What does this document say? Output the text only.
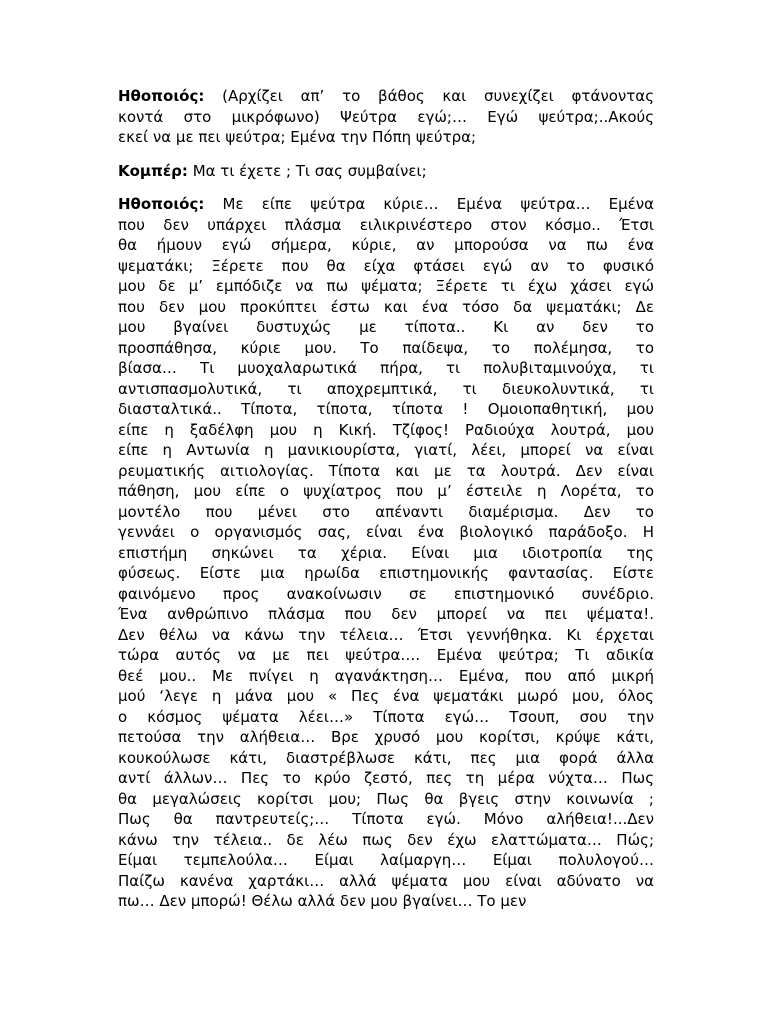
Ηθοποιός: (Αρχίζει απ’ το βάθος και συνεχίζει φτάνοντας
κοντά στο μικρόφωνο) Ψεύτρα εγώ;… Εγώ ψεύτρα;..Ακούς
εκεί να με πει ψεύτρα; Εμένα την Πόπη ψεύτρα;
Κομπέρ: Μα τι έχετε ; Τι σας συμβαίνει;
Ηθοποιός: Με είπε ψεύτρα κύριε… Εμένα ψεύτρα… Εμένα
που δεν υπάρχει πλάσμα ειλικρινέστερο στον κόσμο.. Έτσι
θα ήμουν εγώ σήμερα, κύριε, αν μπορούσα να πω ένα
ψεματάκι; Ξέρετε που θα είχα φτάσει εγώ αν το φυσικό
μου δε μ’ εμπόδιζε να πω ψέματα; Ξέρετε τι έχω χάσει εγώ
που δεν μου προκύπτει έστω και ένα τόσο δα ψεματάκι; Δε
μου βγαίνει δυστυχώς με τίποτα.. Κι αν δεν το
προσπάθησα, κύριε μου. Το παίδεψα, το πολέμησα, το
βίασα… Τι μυοχαλαρωτικά πήρα, τι πολυβιταμινούχα, τι
αντισπασμολυτικά, τι αποχρεμπτικά, τι διευκολυντικά, τι
διασταλτικά.. Τίποτα, τίποτα, τίποτα ! Ομοιοπαθητική, μου
είπε η ξαδέλφη μου η Κική. Τζίφος! Ραδιούχα λουτρά, μου
είπε η Αντωνία η μανικιουρίστα, γιατί, λέει, μπορεί να είναι
ρευματικής αιτιολογίας. Τίποτα και με τα λουτρά. Δεν είναι
πάθηση, μου είπε ο ψυχίατρος που μ’ έστειλε η Λορέτα, το
μοντέλο που μένει στο απέναντι διαμέρισμα. Δεν το
γεννάει ο οργανισμός σας, είναι ένα βιολογικό παράδοξο. Η
επιστήμη σηκώνει τα χέρια. Είναι μια ιδιοτροπία της
φύσεως. Είστε μια ηρωίδα επιστημονικής φαντασίας. Είστε
φαινόμενο προς ανακοίνωσιν σε επιστημονικό συνέδριο.
Ένα ανθρώπινο πλάσμα που δεν μπορεί να πει ψέματα!.
Δεν θέλω να κάνω την τέλεια… Έτσι γεννήθηκα. Κι έρχεται
τώρα αυτός να με πει ψεύτρα…. Εμένα ψεύτρα; Τι αδικία
θεέ μου.. Με πνίγει η αγανάκτηση… Εμένα, που από μικρή
μού ‘λεγε η μάνα μου « Πες ένα ψεματάκι μωρό μου, όλος
ο κόσμος ψέματα λέει…» Τίποτα εγώ… Τσουπ, σου την
πετούσα την αλήθεια… Βρε χρυσό μου κορίτσι, κρύψε κάτι,
κουκούλωσε κάτι, διαστρέβλωσε κάτι, πες μια φορά άλλα
αντί άλλων… Πες το κρύο ζεστό, πες τη μέρα νύχτα… Πως
θα μεγαλώσεις κορίτσι μου; Πως θα βγεις στην κοινωνία ;
Πως θα παντρευτείς;… Τίποτα εγώ. Μόνο αλήθεια!...Δεν
κάνω την τέλεια.. δε λέω πως δεν έχω ελαττώματα… Πώς;
Είμαι τεμπελούλα… Είμαι λαίμαργη… Είμαι πολυλογού…
Παίζω κανένα χαρτάκι… αλλά ψέματα μου είναι αδύνατο να
πω… Δεν μπορώ! Θέλω αλλά δεν μου βγαίνει… Το μεν
